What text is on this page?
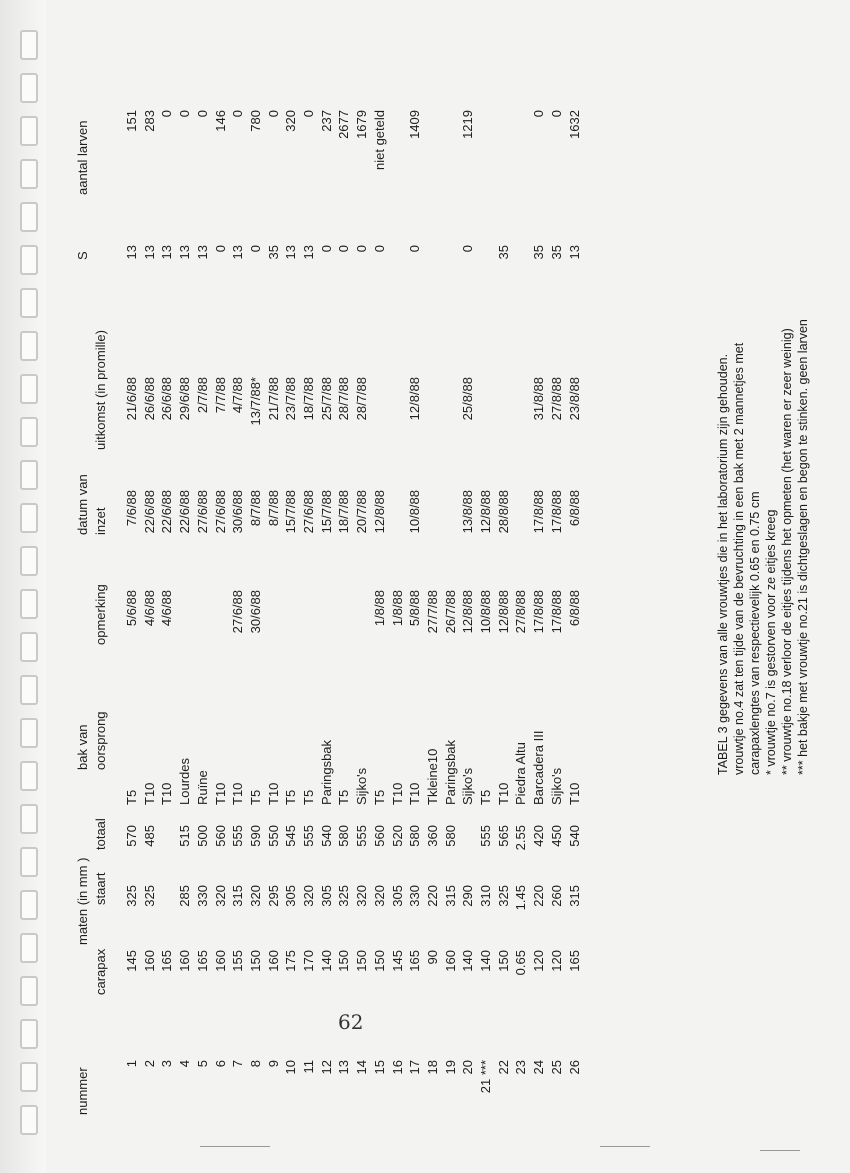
nummer
maten (in mm )
carapax
staart
totaal
bak van oorsprong
opmerking
datum van inzet
uitkomst (in promille)
S
aantal larven
1
145
325
570
T5
5/6/88
7/6/88
21/6/88
13
151
2
160
325
485
T10
4/6/88
22/6/88
26/6/88
13
283
3
165
T10
4/6/88
22/6/88
26/6/88
13
0
4
160
285
515
Lourdes
22/6/88
29/6/88
13
0
5
165
330
500
Ruïne
27/6/88
2/7/88
13
0
6
160
320
560
T10
27/6/88
7/7/88
0
146
7
155
315
555
T10
27/6/88
30/6/88
4/7/88
13
0
8
150
320
590
T5
30/6/88
8/7/88
13/7/88*
0
780
9
160
295
550
T10
8/7/88
21/7/88
35
0
10
175
305
545
T5
15/7/88
23/7/88
13
320
11
170
320
555
T5
27/6/88
18/7/88
13
0
12
140
305
540
Paringsbak
15/7/88
25/7/88
0
237
13
150
325
580
T5
18/7/88
28/7/88
0
2677
14
150
320
555
Sijko's
20/7/88
28/7/88
0
1679
15
150
320
560
T5
1/8/88
12/8/88
0
niet geteld
16
145
305
520
T10
1/8/88
17
165
330
580
T10
5/8/88
10/8/88
12/8/88
0
1409
18
90
220
360
Tkleine10
27/7/88
19
160
315
580
Paringsbak
26/7/88
20
140
290
Sijko's
12/8/88
13/8/88
25/8/88
0
1219
21 ***
140
310
555
T5
10/8/88
12/8/88
22
150
325
565
T10
12/8/88
28/8/88
35
23
0.65
1.45
2.55
Piedra Altu
27/8/88
24
120
220
420
Barcadera III
17/8/88
17/8/88
31/8/88
35
0
25
120
260
450
Sijko's
17/8/88
17/8/88
27/8/88
35
0
26
165
315
540
T10
6/8/88
6/8/88
23/8/88
13
1632
TABEL 3 gegevens van alle vrouwtjes die in het laboratorium zijn gehouden. vrouwtje no.4 zat ten tijde van de bevruchting in een bak met 2 mannetjes met carapaxlengtes van respectievelijk 0.65 en 0.75 cm * vrouwtje no.7 is gestorven voor ze eitjes kreeg ** vrouwtje no.18 verloor de eitjes tijdens het opmeten (het waren er zeer weinig) *** het bakje met vrouwtje no.21 is dichtgeslagen en begon te stinken. geen larven
62
